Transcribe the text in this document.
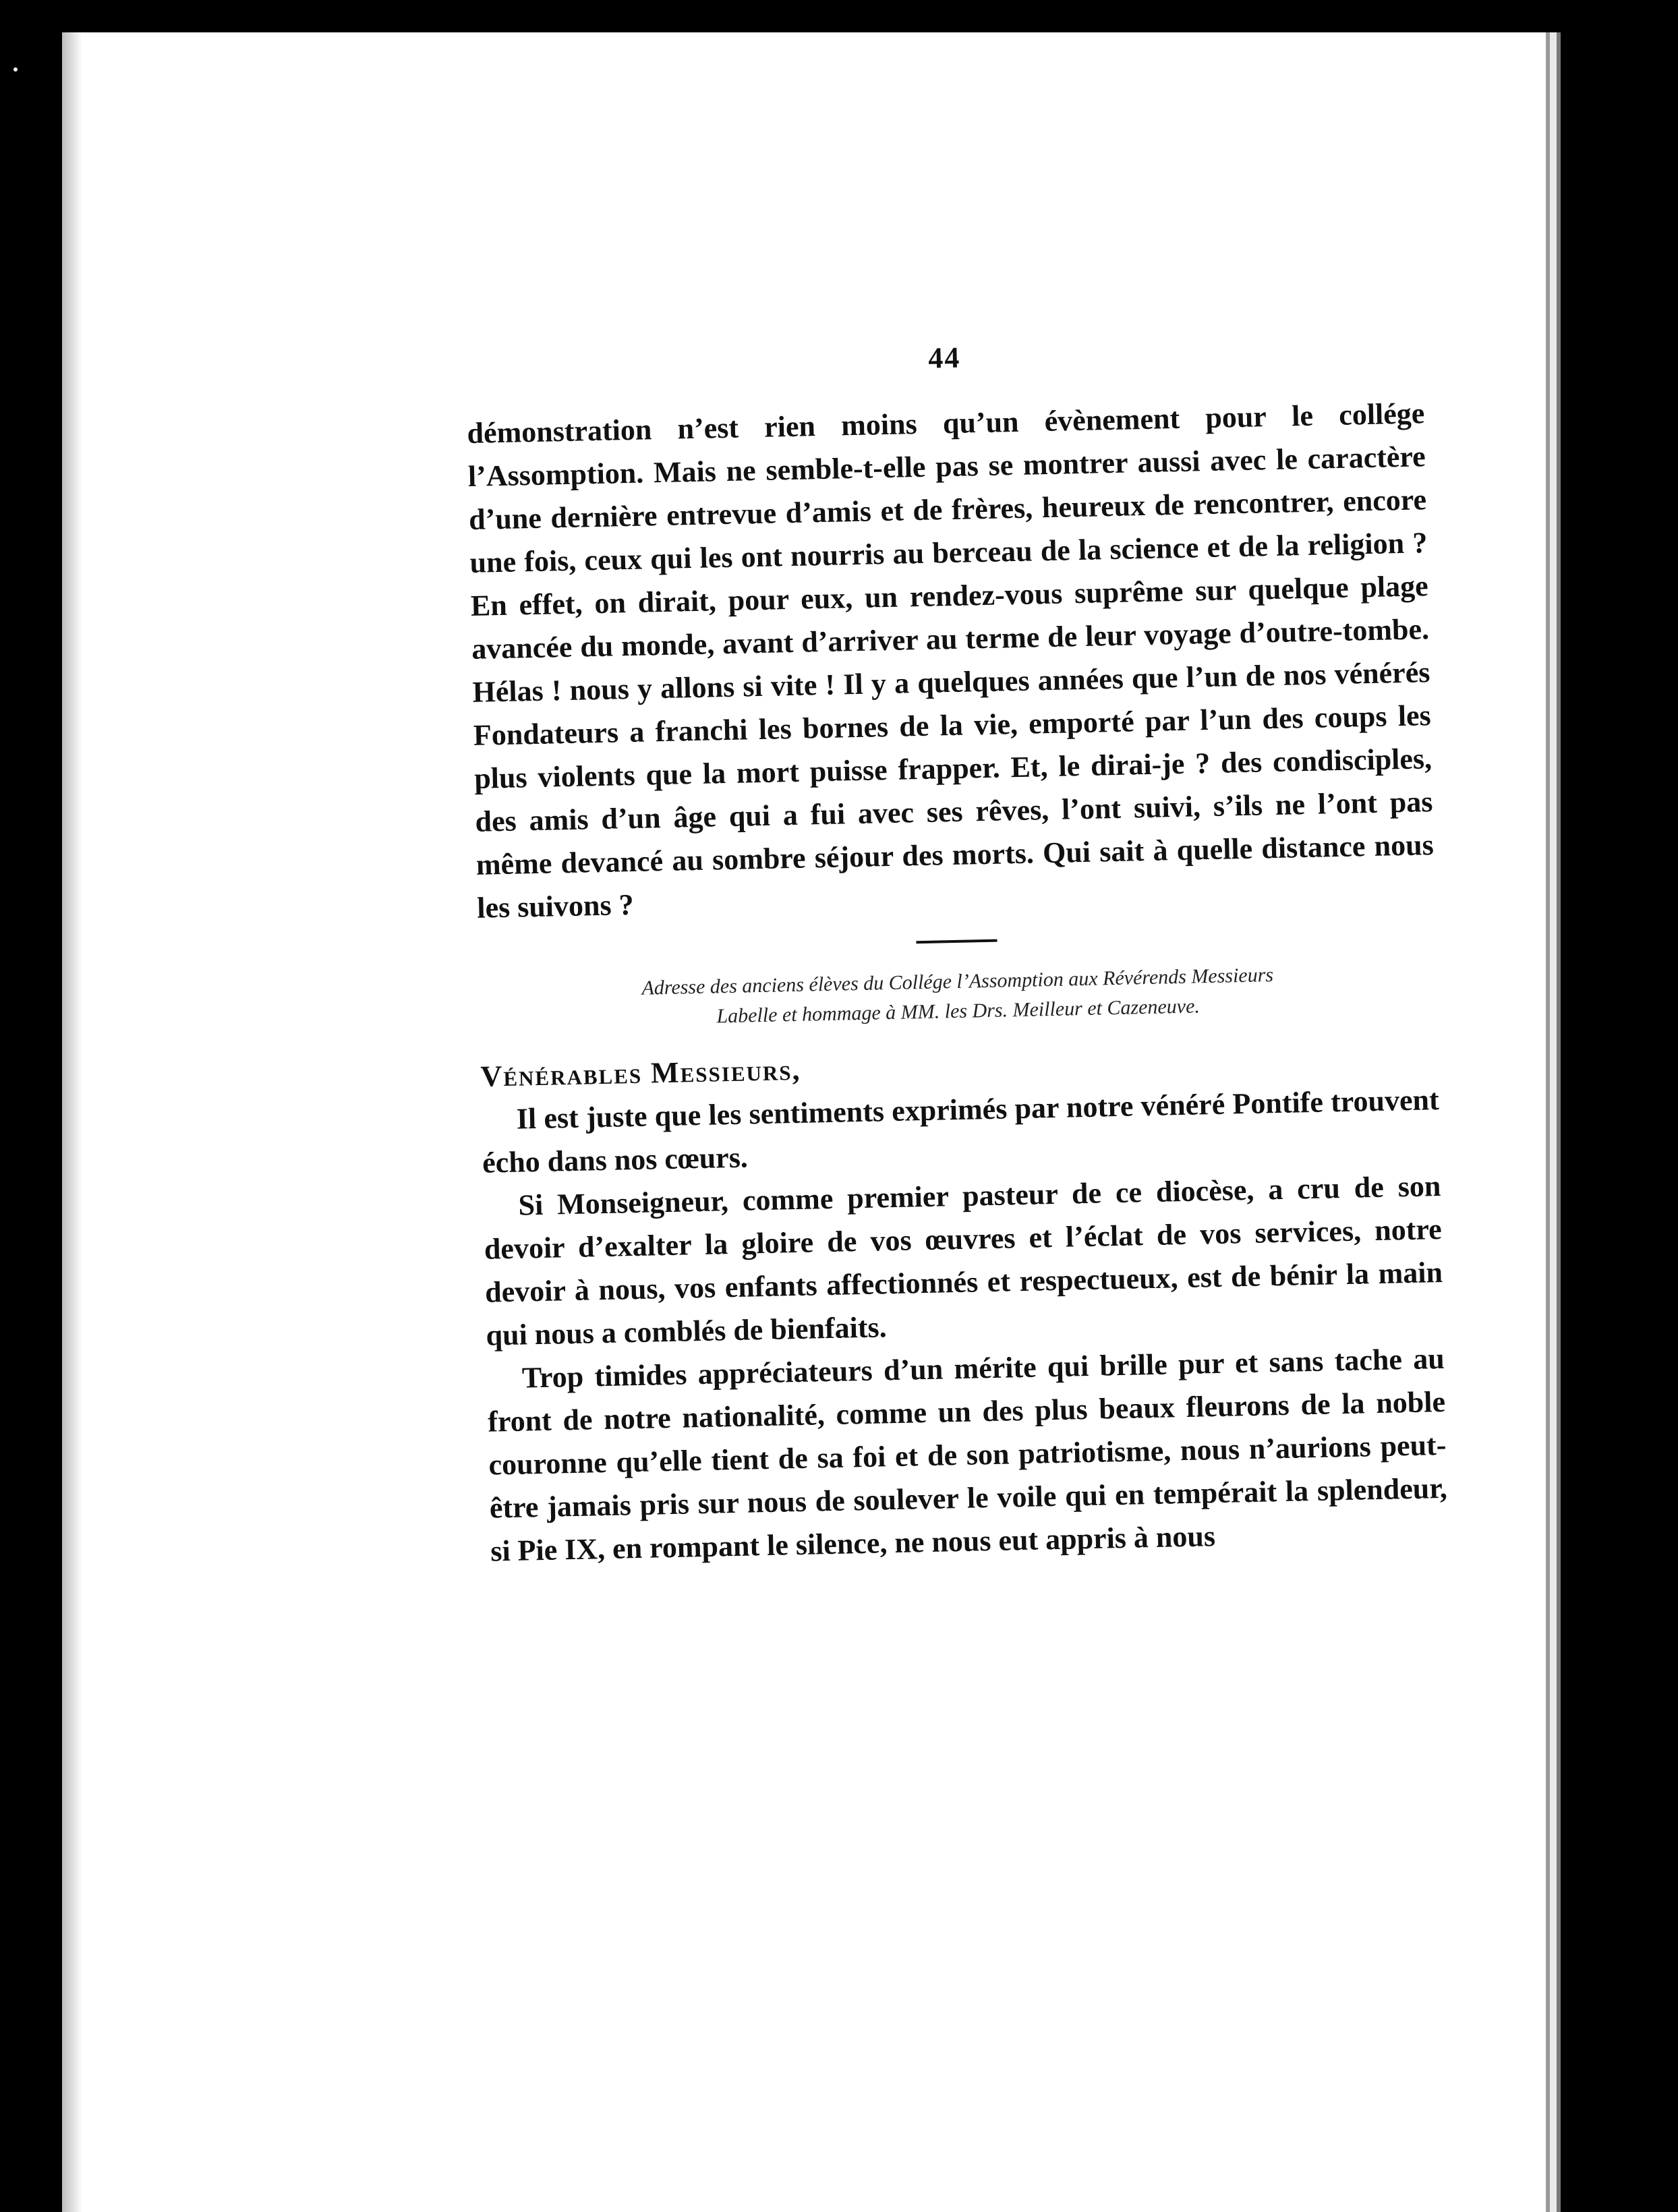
44

démonstration n’est rien moins qu’un évènement pour le collége l’Assomption. Mais ne semble-t-elle pas se montrer aussi avec le caractère d’une dernière entrevue d’amis et de frères, heureux de rencontrer, encore une fois, ceux qui les ont nourris au berceau de la science et de la religion ? En effet, on dirait, pour eux, un rendez-vous suprême sur quelque plage avancée du monde, avant d’arriver au terme de leur voyage d’outre-tombe. Hélas ! nous y allons si vite ! Il y a quelques années que l’un de nos vénérés Fondateurs a franchi les bornes de la vie, emporté par l’un des coups les plus violents que la mort puisse frapper. Et, le dirai-je ? des condisciples, des amis d’un âge qui a fui avec ses rêves, l’ont suivi, s’ils ne l’ont pas même devancé au sombre séjour des morts. Qui sait à quelle distance nous les suivons ?

Adresse des anciens élèves du Collége l’Assomption aux Révérends Messieurs
Labelle et hommage à MM. les Drs. Meilleur et Cazeneuve.

Vénérables Messieurs,

Il est juste que les sentiments exprimés par notre vénéré Pontife trouvent écho dans nos cœurs.

Si Monseigneur, comme premier pasteur de ce diocèse, a cru de son devoir d’exalter la gloire de vos œuvres et l’éclat de vos services, notre devoir à nous, vos enfants affectionnés et respectueux, est de bénir la main qui nous a comblés de bienfaits.

Trop timides appréciateurs d’un mérite qui brille pur et sans tache au front de notre nationalité, comme un des plus beaux fleurons de la noble couronne qu’elle tient de sa foi et de son patriotisme, nous n’aurions peut-être jamais pris sur nous de soulever le voile qui en tempérait la splendeur, si Pie IX, en rompant le silence, ne nous eut appris à nous
